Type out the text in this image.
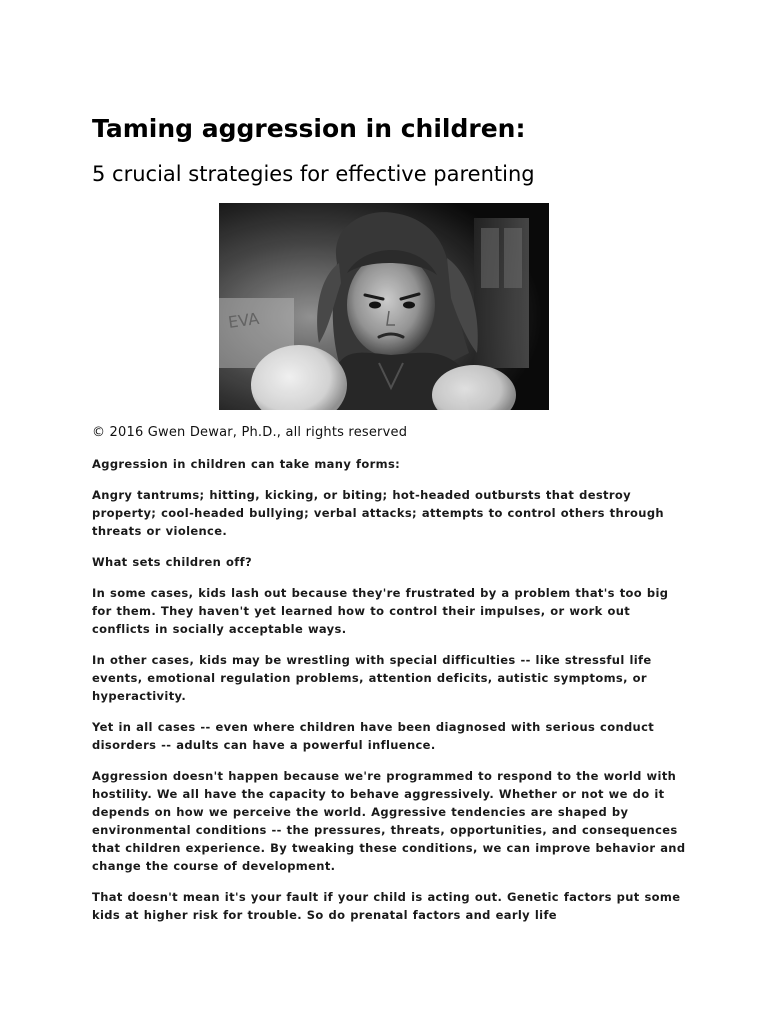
Taming aggression in children:
5 crucial strategies for effective parenting
EVA

© 2016 Gwen Dewar, Ph.D., all rights reserved

Aggression in children can take many forms:

Angry tantrums; hitting, kicking, or biting; hot-headed outbursts that destroy property; cool-headed bullying; verbal attacks; attempts to control others through threats or violence.

What sets children off?

In some cases, kids lash out because they're frustrated by a problem that's too big for them. They haven't yet learned how to control their impulses, or work out conflicts in socially acceptable ways.

In other cases, kids may be wrestling with special difficulties -- like stressful life events, emotional regulation problems, attention deficits, autistic symptoms, or hyperactivity.

Yet in all cases -- even where children have been diagnosed with serious conduct disorders -- adults can have a powerful influence.

Aggression doesn't happen because we're programmed to respond to the world with hostility. We all have the capacity to behave aggressively. Whether or not we do it depends on how we perceive the world. Aggressive tendencies are shaped by environmental conditions -- the pressures, threats, opportunities, and consequences that children experience. By tweaking these conditions, we can improve behavior and change the course of development.

That doesn't mean it's your fault if your child is acting out. Genetic factors put some kids at higher risk for trouble. So do prenatal factors and early life
